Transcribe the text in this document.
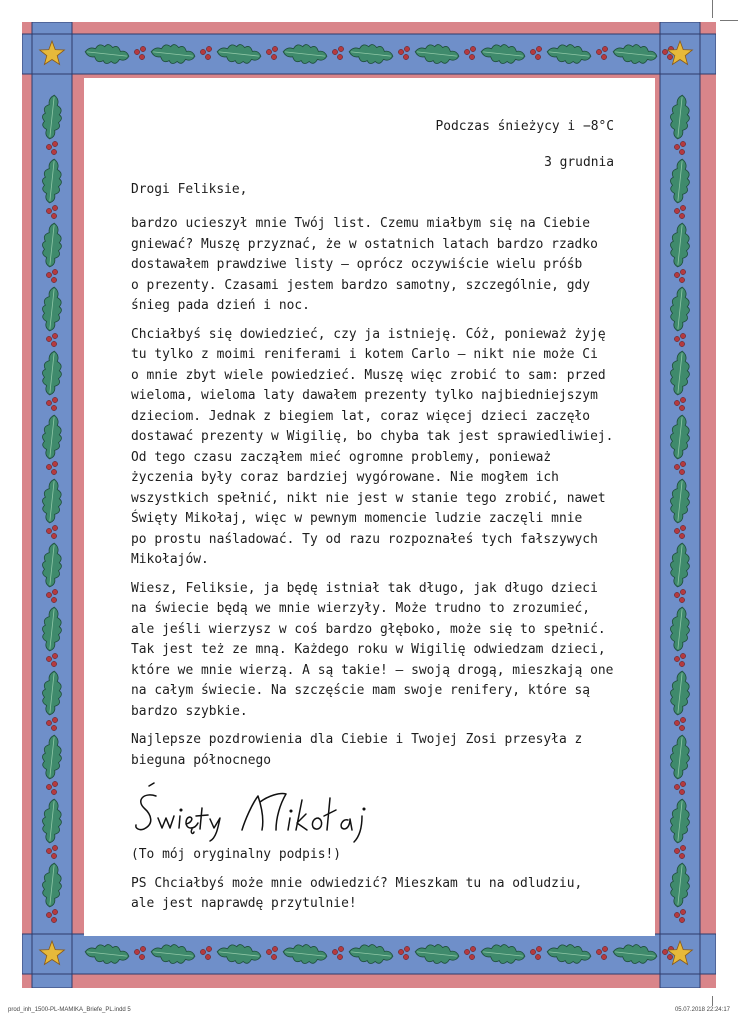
Podczas śnieżycy i −8°C

3 grudnia

Drogi Feliksie,

bardzo ucieszył mnie Twój list. Czemu miałbym się na Ciebie
gniewać? Muszę przyznać, że w ostatnich latach bardzo rzadko
dostawałem prawdziwe listy – oprócz oczywiście wielu próśb
o prezenty. Czasami jestem bardzo samotny, szczególnie, gdy
śnieg pada dzień i noc.

Chciałbyś się dowiedzieć, czy ja istnieję. Cóż, ponieważ żyję
tu tylko z moimi reniferami i kotem Carlo – nikt nie może Ci
o mnie zbyt wiele powiedzieć. Muszę więc zrobić to sam: przed
wieloma, wieloma laty dawałem prezenty tylko najbiedniejszym
dzieciom. Jednak z biegiem lat, coraz więcej dzieci zaczęło
dostawać prezenty w Wigilię, bo chyba tak jest sprawiedliwiej.
Od tego czasu zacząłem mieć ogromne problemy, ponieważ
życzenia były coraz bardziej wygórowane. Nie mogłem ich
wszystkich spełnić, nikt nie jest w stanie tego zrobić, nawet
Święty Mikołaj, więc w pewnym momencie ludzie zaczęli mnie
po prostu naśladować. Ty od razu rozpoznałeś tych fałszywych
Mikołajów.

Wiesz, Feliksie, ja będę istniał tak długo, jak długo dzieci
na świecie będą we mnie wierzyły. Może trudno to zrozumieć,
ale jeśli wierzysz w coś bardzo głęboko, może się to spełnić.
Tak jest też ze mną. Każdego roku w Wigilię odwiedzam dzieci,
które we mnie wierzą. A są takie! – swoją drogą, mieszkają one
na całym świecie. Na szczęście mam swoje renifery, które są
bardzo szybkie.

Najlepsze pozdrowienia dla Ciebie i Twojej Zosi przesyła z
bieguna północnego

(To mój oryginalny podpis!)

PS Chciałbyś może mnie odwiedzić? Mieszkam tu na odludziu,
ale jest naprawdę przytulnie!

prod_inh_1500-PL-MAMIKA_Briefe_PL.indd 5	05.07.2018 22:24:17
